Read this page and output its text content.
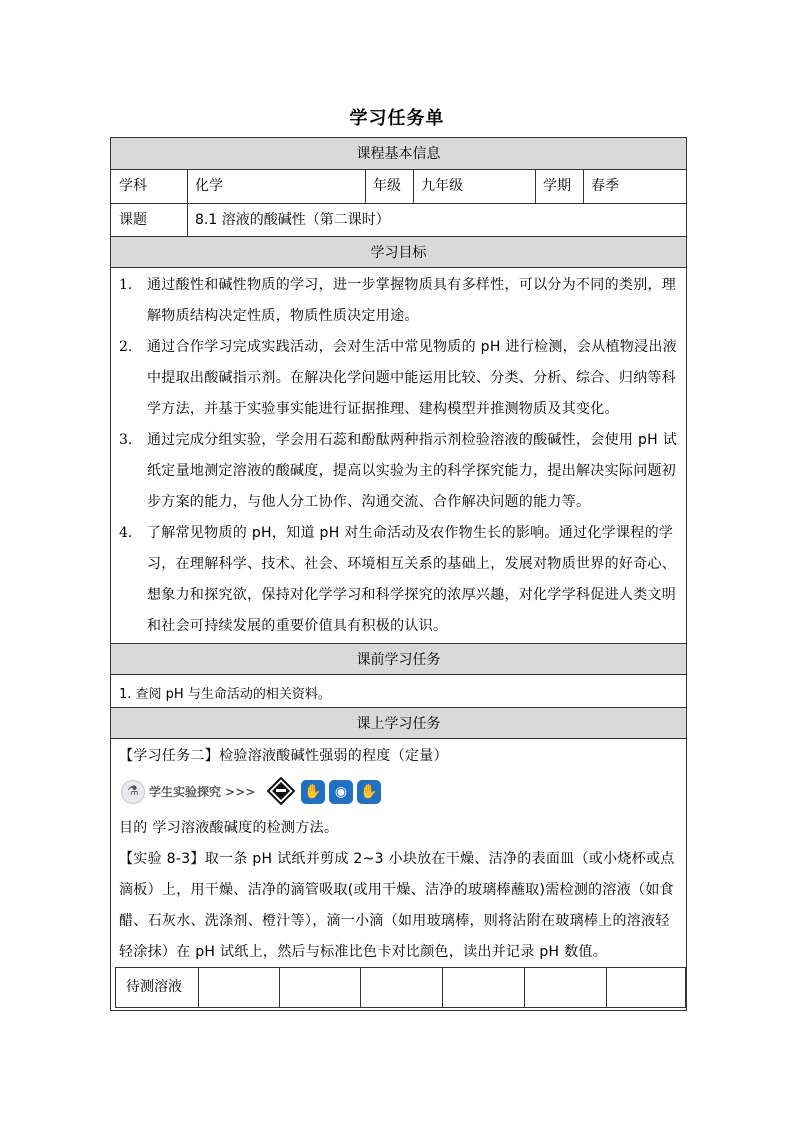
学习任务单
课程基本信息
学科	化学	年级 九年级	学期 春季
课题	8.1 溶液的酸碱性（第二课时）
学习目标
1.	通过酸性和碱性物质的学习，进一步掌握物质具有多样性，可以分为不同的类别，理解物质结构决定性质，物质性质决定用途。
2.	通过合作学习完成实践活动，会对生活中常见物质的 pH 进行检测，会从植物浸出液中提取出酸碱指示剂。在解决化学问题中能运用比较、分类、分析、综合、归纳等科学方法，并基于实验事实能进行证据推理、建构模型并推测物质及其变化。
3.	通过完成分组实验，学会用石蕊和酚酞两种指示剂检验溶液的酸碱性，会使用 pH 试纸定量地测定溶液的酸碱度，提高以实验为主的科学探究能力，提出解决实际问题初步方案的能力，与他人分工协作、沟通交流、合作解决问题的能力等。
4.	了解常见物质的 pH，知道 pH 对生命活动及农作物生长的影响。通过化学课程的学习，在理解科学、技术、社会、环境相互关系的基础上，发展对物质世界的好奇心、想象力和探究欲，保持对化学学习和科学探究的浓厚兴趣，对化学学科促进人类文明和社会可持续发展的重要价值具有积极的认识。
课前学习任务
1. 查阅 pH 与生命活动的相关资料。
课上学习任务
【学习任务二】检验溶液酸碱性强弱的程度（定量）
⚗ 学生实验探究 >>>	✋ ◉ ✋
目的 学习溶液酸碱度的检测方法。
【实验 8-3】取一条 pH 试纸并剪成 2~3 小块放在干燥、洁净的表面皿（或小烧杯或点滴板）上，用干燥、洁净的滴管吸取(或用干燥、洁净的玻璃棒蘸取)需检测的溶液（如食醋、石灰水、洗涤剂、橙汁等），滴一小滴（如用玻璃棒，则将沾附在玻璃棒上的溶液轻轻涂抹）在 pH 试纸上，然后与标准比色卡对比颜色，读出并记录 pH 数值。
待测溶液
